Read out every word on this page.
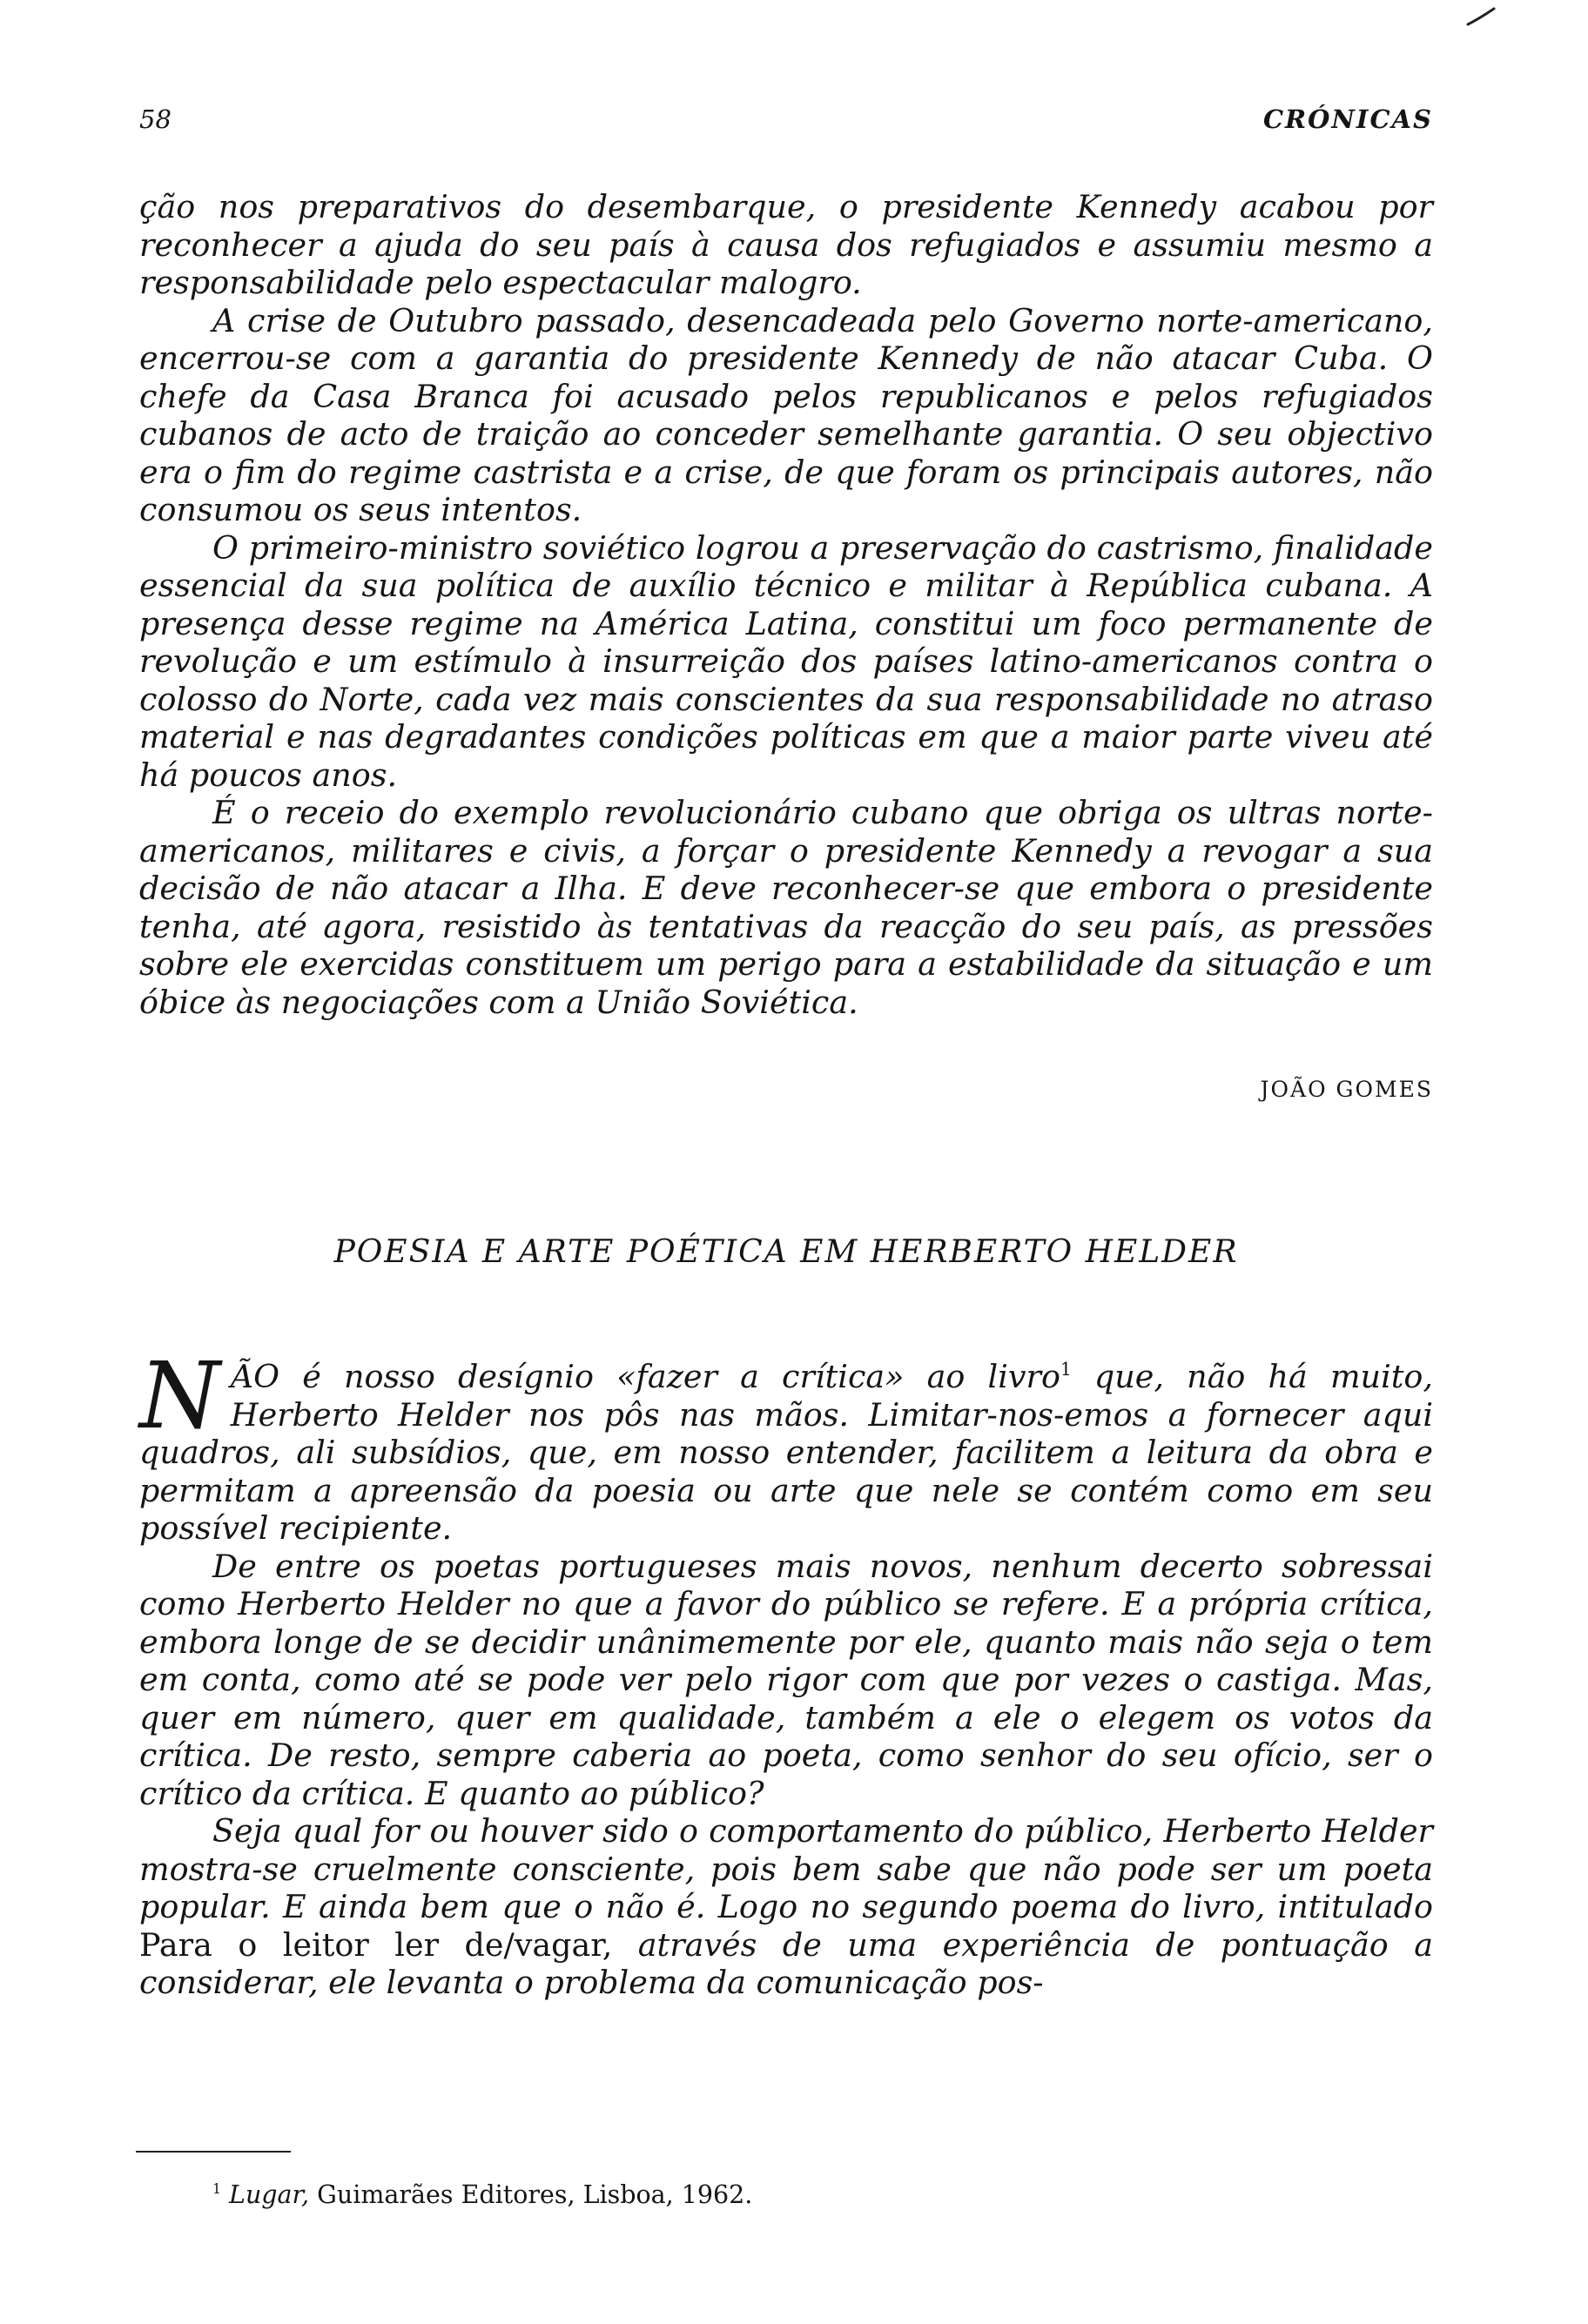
58	CRÓNICAS

ção nos preparativos do desembarque, o presidente Kennedy acabou por reconhecer a ajuda do seu país à causa dos refugiados e assumiu mesmo a responsabilidade pelo espectacular malogro.

A crise de Outubro passado, desencadeada pelo Governo norte-americano, encerrou-se com a garantia do presidente Kennedy de não atacar Cuba. O chefe da Casa Branca foi acusado pelos republicanos e pelos refugiados cubanos de acto de traição ao conceder semelhante garantia. O seu objectivo era o fim do regime castrista e a crise, de que foram os principais autores, não consumou os seus intentos.

O primeiro-ministro soviético logrou a preservação do castrismo, finalidade essencial da sua política de auxílio técnico e militar à República cubana. A presença desse regime na América Latina, constitui um foco permanente de revolução e um estímulo à insurreição dos países latino-americanos contra o colosso do Norte, cada vez mais conscientes da sua responsabilidade no atraso material e nas degradantes condições políticas em que a maior parte viveu até há poucos anos.

É o receio do exemplo revolucionário cubano que obriga os ultras norte-americanos, militares e civis, a forçar o presidente Kennedy a revogar a sua decisão de não atacar a Ilha. E deve reconhecer-se que embora o presidente tenha, até agora, resistido às tentativas da reacção do seu país, as pressões sobre ele exercidas constituem um perigo para a estabilidade da situação e um óbice às negociações com a União Soviética.

JOÃO GOMES
POESIA E ARTE POÉTICA EM HERBERTO HELDER

NÃO é nosso desígnio «fazer a crítica» ao livro$^1$ que, não há muito, Herberto Helder nos pôs nas mãos. Limitar-nos-emos a fornecer aqui quadros, ali subsídios, que, em nosso entender, facilitem a leitura da obra e permitam a apreensão da poesia ou arte que nele se contém como em seu possível recipiente.

De entre os poetas portugueses mais novos, nenhum decerto sobressai como Herberto Helder no que a favor do público se refere. E a própria crítica, embora longe de se decidir unânimemente por ele, quanto mais não seja o tem em conta, como até se pode ver pelo rigor com que por vezes o castiga. Mas, quer em número, quer em qualidade, também a ele o elegem os votos da crítica. De resto, sempre caberia ao poeta, como senhor do seu ofício, ser o crítico da crítica. E quanto ao público?

Seja qual for ou houver sido o comportamento do público, Herberto Helder mostra-se cruelmente consciente, pois bem sabe que não pode ser um poeta popular. E ainda bem que o não é. Logo no segundo poema do livro, intitulado Para o leitor ler de/vagar, através de uma experiência de pontuação a considerar, ele levanta o problema da comunicação pos-

$^1$ Lugar, Guimarães Editores, Lisboa, 1962.
